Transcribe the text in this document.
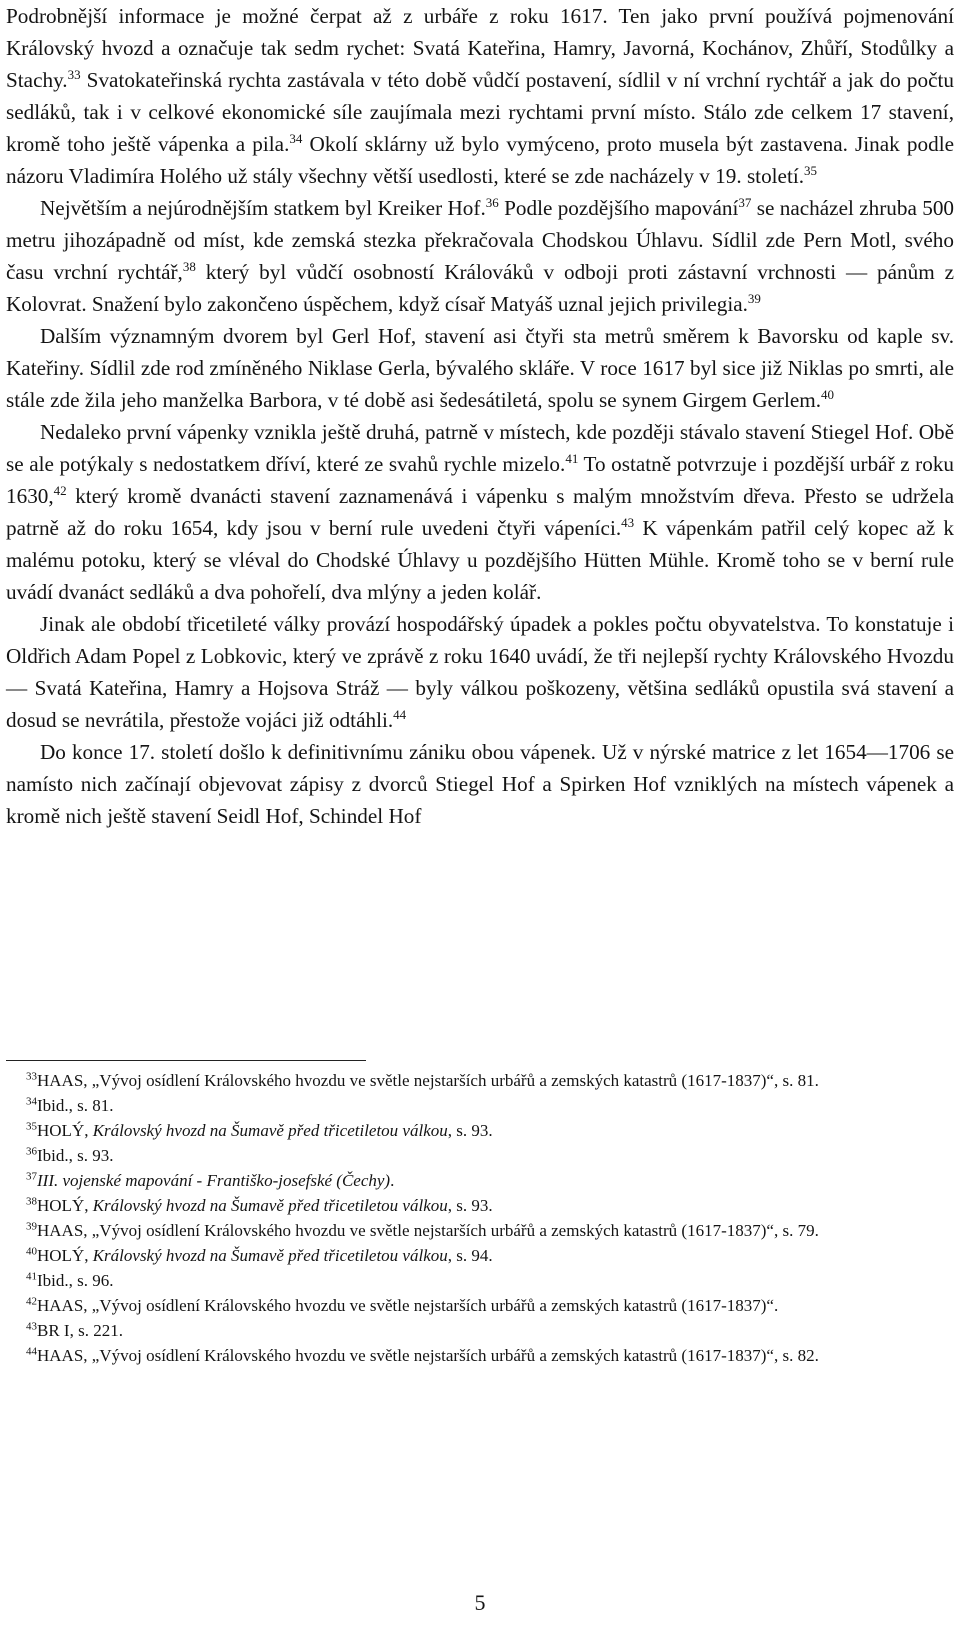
Podrobnější informace je možné čerpat až z urbáře z roku 1617. Ten jako první používá pojmenování Královský hvozd a označuje tak sedm rychet: Svatá Kateřina, Hamry, Javorná, Kochánov, Zhůří, Stodůlky a Stachy.$^{33}$ Svatokateřinská rychta zastávala v této době vůdčí postavení, sídlil v ní vrchní rychtář a jak do počtu sedláků, tak i v celkové ekonomické síle zaujímala mezi rychtami první místo. Stálo zde celkem 17 stavení, kromě toho ještě vápenka a pila.$^{34}$ Okolí sklárny už bylo vymýceno, proto musela být zastavena. Jinak podle názoru Vladimíra Holého už stály všechny větší usedlosti, které se zde nacházely v 19. století.$^{35}$

Největším a nejúrodnějším statkem byl Kreiker Hof.$^{36}$ Podle pozdějšího mapování$^{37}$ se nacházel zhruba 500 metru jihozápadně od míst, kde zemská stezka překračovala Chodskou Úhlavu. Sídlil zde Pern Motl, svého času vrchní rychtář,$^{38}$ který byl vůdčí osobností Králováků v odboji proti zástavní vrchnosti — pánům z Kolovrat. Snažení bylo zakončeno úspěchem, když císař Matyáš uznal jejich privilegia.$^{39}$

Dalším významným dvorem byl Gerl Hof, stavení asi čtyři sta metrů směrem k Bavorsku od kaple sv. Kateřiny. Sídlil zde rod zmíněného Niklase Gerla, bývalého skláře. V roce 1617 byl sice již Niklas po smrti, ale stále zde žila jeho manželka Barbora, v té době asi šedesátiletá, spolu se synem Girgem Gerlem.$^{40}$

Nedaleko první vápenky vznikla ještě druhá, patrně v místech, kde později stávalo stavení Stiegel Hof. Obě se ale potýkaly s nedostatkem dříví, které ze svahů rychle mizelo.$^{41}$ To ostatně potvrzuje i pozdější urbář z roku 1630,42 který kromě dvanácti stavení zaznamenává i vápenku s malým množstvím dřeva. Přesto se udržela patrně až do roku 1654, kdy jsou v berní rule uvedeni čtyři vápeníci.$^{43}$ K vápenkám patřil celý kopec až k malému potoku, který se vléval do Chodské Úhlavy u pozdějšího Hütten Mühle. Kromě toho se v berní rule uvádí dvanáct sedláků a dva pohořelí, dva mlýny a jeden kolář.

Jinak ale období třicetileté války provází hospodářský úpadek a pokles počtu obyvatelstva. To konstatuje i Oldřich Adam Popel z Lobkovic, který ve zprávě z roku 1640 uvádí, že tři nejlepší rychty Královského Hvozdu — Svatá Kateřina, Hamry a Hojsova Stráž — byly válkou poškozeny, většina sedláků opustila svá stavení a dosud se nevrátila, přestože vojáci již odtáhli.$^{44}$

Do konce 17. století došlo k definitivnímu zániku obou vápenek. Už v nýrské matrice z let 1654—1706 se namísto nich začínají objevovat zápisy z dvorců Stiegel Hof a Spirken Hof vzniklých na místech vápenek a kromě nich ještě stavení Seidl Hof, Schindel Hof

$^{33}$HAAS, „Vývoj osídlení Královského hvozdu ve světle nejstarších urbářů a zemských katastrů (1617-1837)“, s. 81.

$^{34}$Ibid., s. 81.

$^{35}$HOLÝ, Královský hvozd na Šumavě před třicetiletou válkou, s. 93.

$^{36}$Ibid., s. 93.

$^{37}$III. vojenské mapování - Františko-josefské (Čechy).

$^{38}$HOLÝ, Královský hvozd na Šumavě před třicetiletou válkou, s. 93.

$^{39}$HAAS, „Vývoj osídlení Královského hvozdu ve světle nejstarších urbářů a zemských katastrů (1617-1837)“, s. 79.

$^{40}$HOLÝ, Královský hvozd na Šumavě před třicetiletou válkou, s. 94.

$^{41}$Ibid., s. 96.

$^{42}$HAAS, „Vývoj osídlení Královského hvozdu ve světle nejstarších urbářů a zemských katastrů (1617-1837)“.

$^{43}$BR I, s. 221.

$^{44}$HAAS, „Vývoj osídlení Královského hvozdu ve světle nejstarších urbářů a zemských katastrů (1617-1837)“, s. 82.

5
